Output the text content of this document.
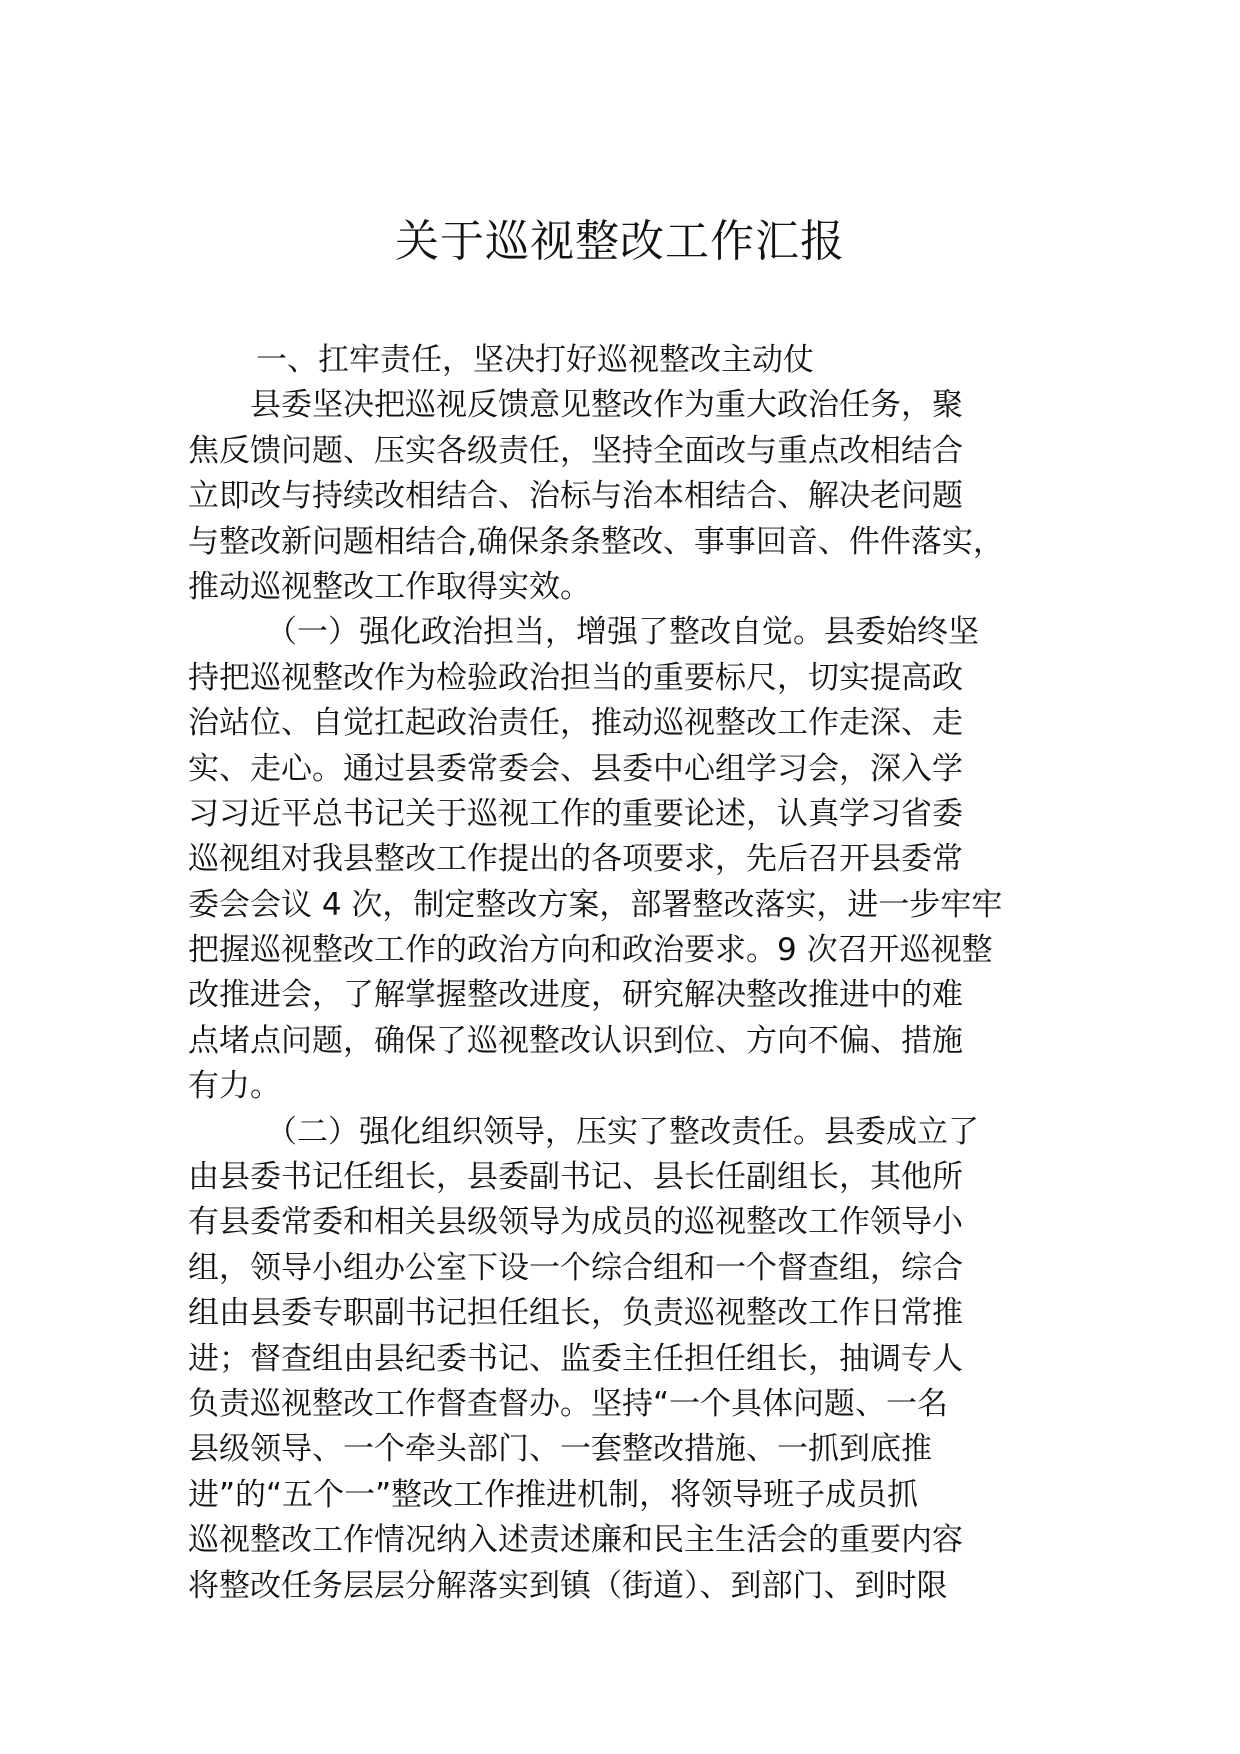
关于巡视整改工作汇报
一、扛牢责任，坚决打好巡视整改主动仗
县委坚决把巡视反馈意见整改作为重大政治任务，聚
焦反馈问题、压实各级责任，坚持全面改与重点改相结合
立即改与持续改相结合、治标与治本相结合、解决老问题
与整改新问题相结合,确保条条整改、事事回音、件件落实，
推动巡视整改工作取得实效。
（一）强化政治担当，增强了整改自觉。县委始终坚
持把巡视整改作为检验政治担当的重要标尺，切实提高政
治站位、自觉扛起政治责任，推动巡视整改工作走深、走
实、走心。通过县委常委会、县委中心组学习会，深入学
习习近平总书记关于巡视工作的重要论述，认真学习省委
巡视组对我县整改工作提出的各项要求，先后召开县委常
委会会议 4 次，制定整改方案，部署整改落实，进一步牢牢
把握巡视整改工作的政治方向和政治要求。9 次召开巡视整
改推进会，了解掌握整改进度，研究解决整改推进中的难
点堵点问题，确保了巡视整改认识到位、方向不偏、措施
有力。
（二）强化组织领导，压实了整改责任。县委成立了
由县委书记任组长，县委副书记、县长任副组长，其他所
有县委常委和相关县级领导为成员的巡视整改工作领导小
组，领导小组办公室下设一个综合组和一个督查组，综合
组由县委专职副书记担任组长，负责巡视整改工作日常推
进；督查组由县纪委书记、监委主任担任组长，抽调专人
负责巡视整改工作督查督办。坚持“一个具体问题、一名
县级领导、一个牵头部门、一套整改措施、一抓到底推
进”的“五个一”整改工作推进机制，将领导班子成员抓
巡视整改工作情况纳入述责述廉和民主生活会的重要内容
将整改任务层层分解落实到镇（街道）、到部门、到时限
